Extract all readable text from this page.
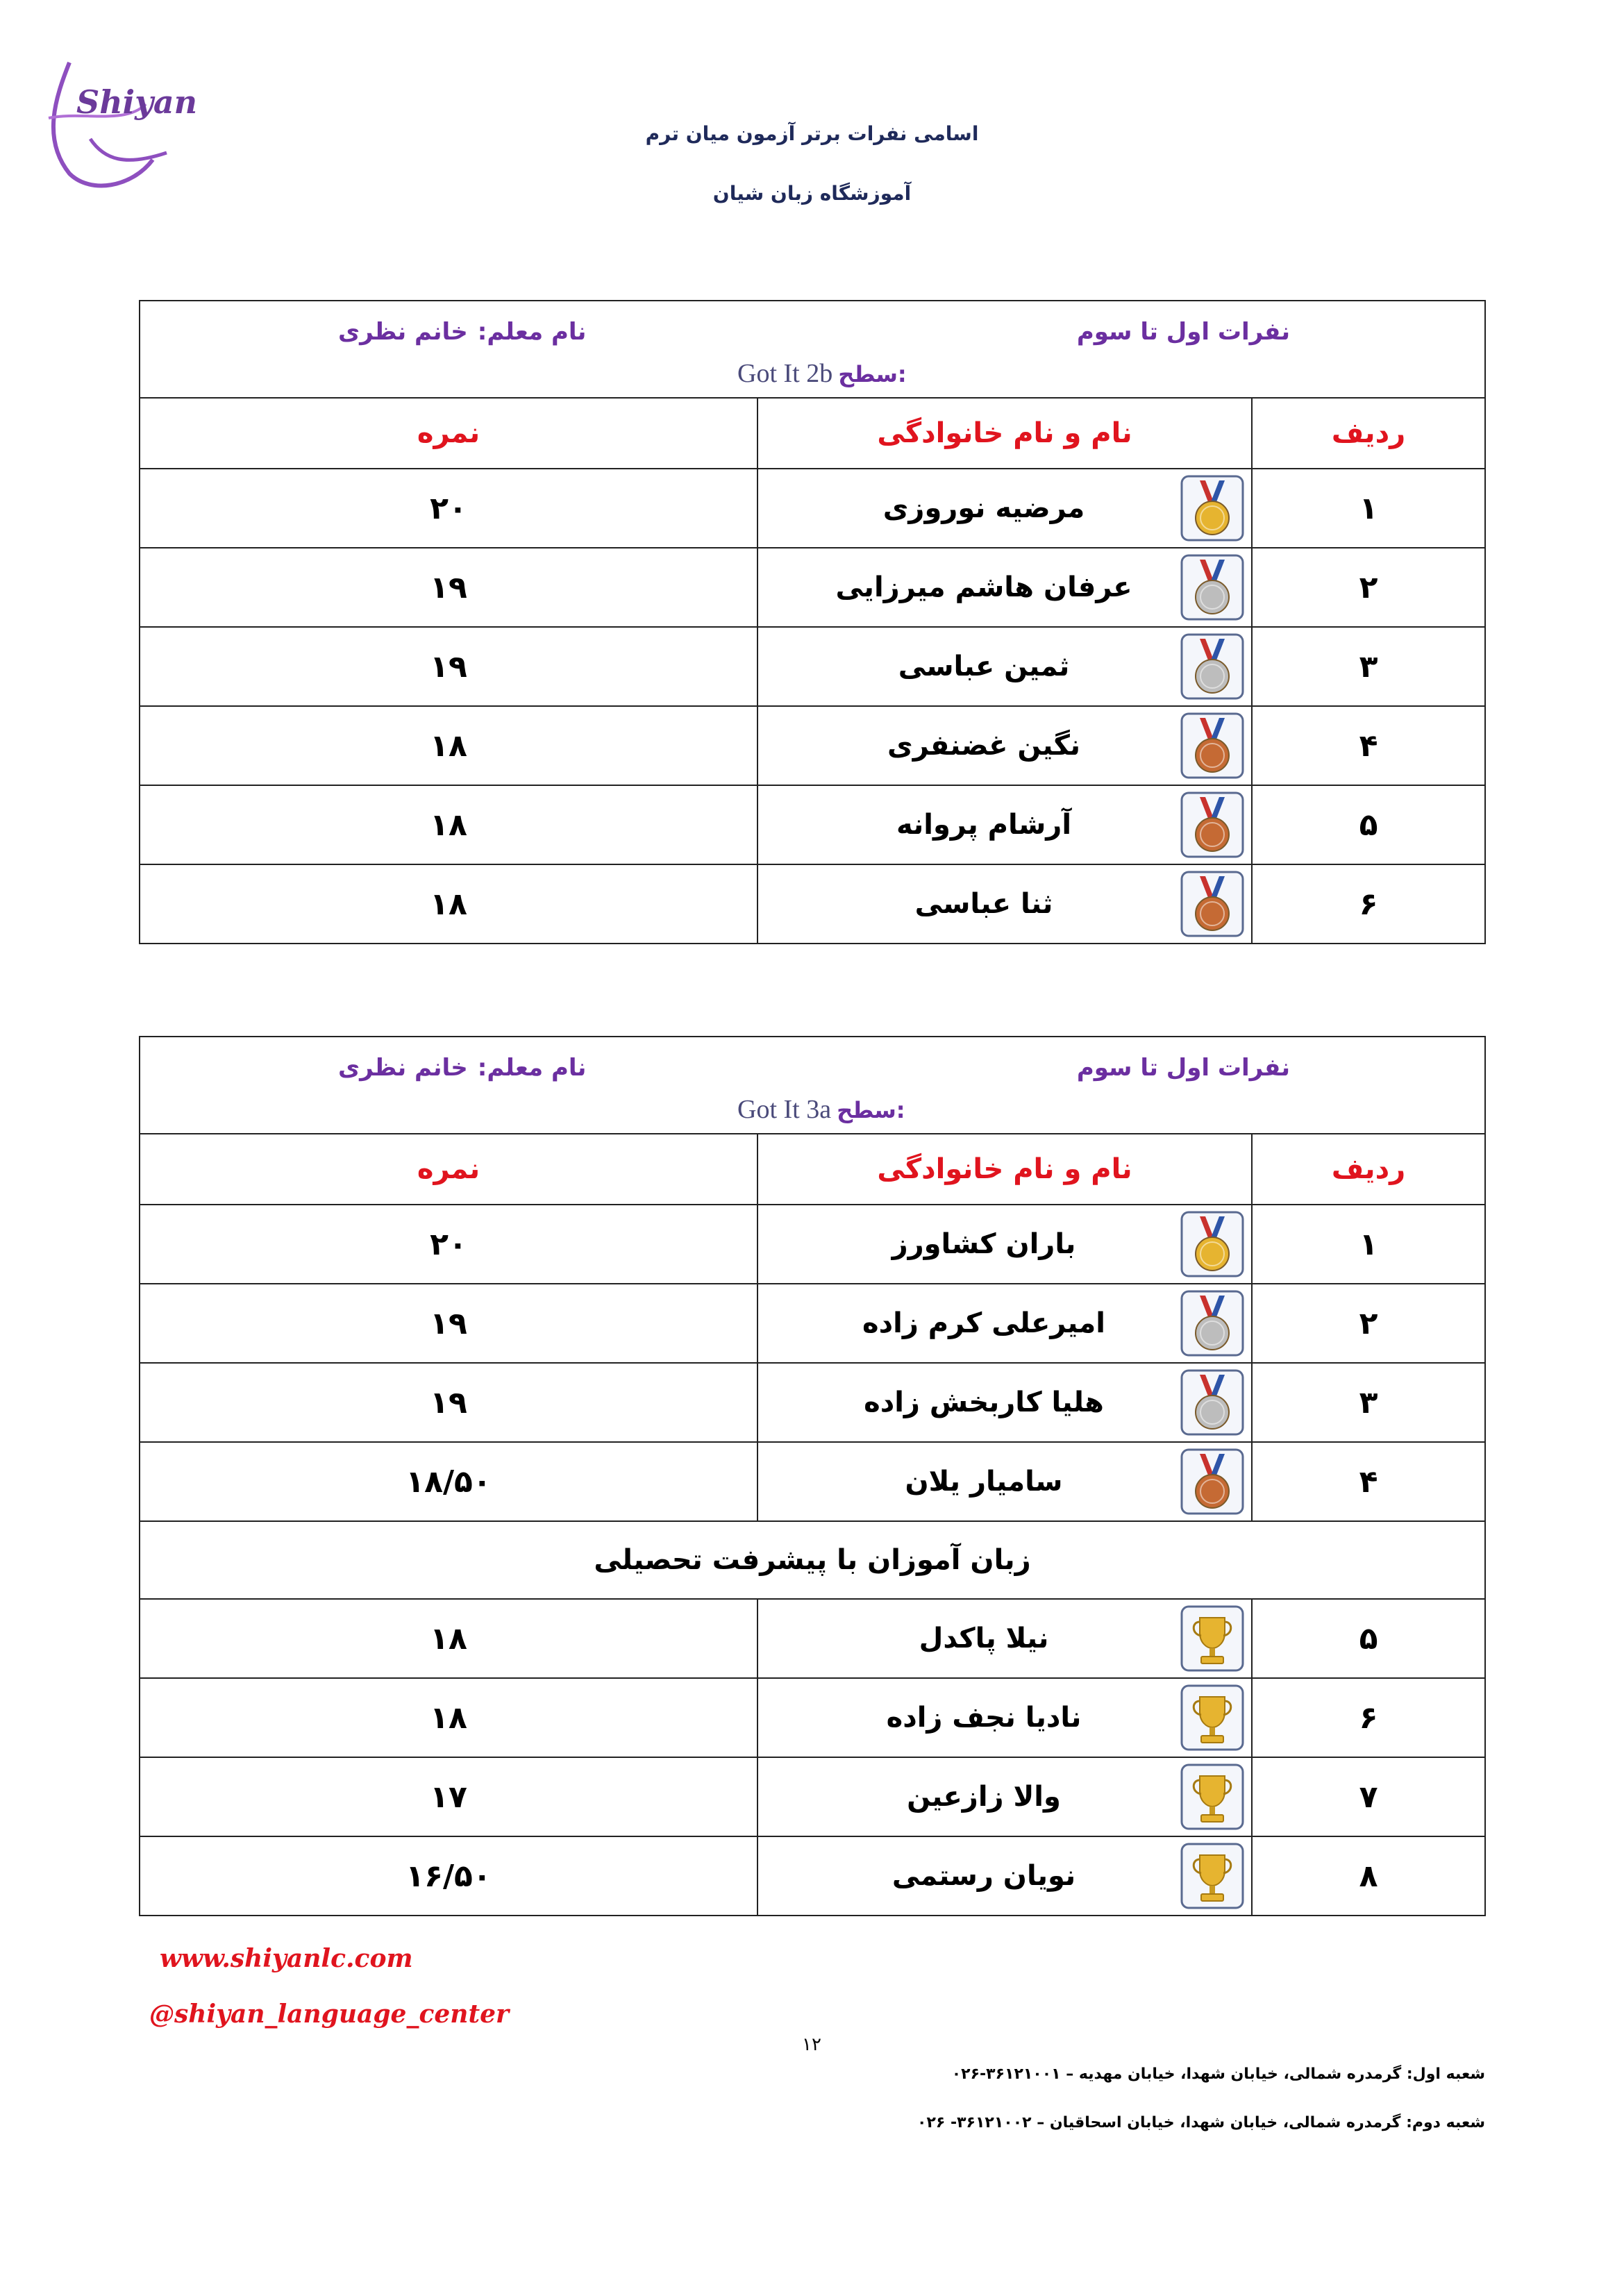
Shiyan
اسامی نفرات برتر آزمون میان ترم
آموزشگاه زبان شیان
نفرات اول تا سوم
نام معلم:
خانم نظری
Got It 2b سطح:		

نمره	نام و نام خانوادگی	ردیف
۲۰	مرضیه نوروزی	۱
۱۹	عرفان هاشم میرزایی	۲
۱۹	ثمین عباسی	۳
۱۸	نگین غضنفری	۴
۱۸	آرشام پروانه	۵
۱۸	ثنا عباسی	۶
نفرات اول تا سوم
نام معلم:
خانم نظری
Got It 3a سطح:		

نمره	نام و نام خانوادگی	ردیف
۲۰	باران کشاورز	۱
۱۹	امیرعلی کرم زاده	۲
۱۹	هلیا کاربخش زاده	۳
۱۸/۵۰	سامیار یلان	۴
زبان آموزان با پیشرفت تحصیلی		
۱۸	نیلا پاکدل	۵
۱۸	نادیا نجف زاده	۶
۱۷	والا زازعین	۷
۱۶/۵۰	نویان رستمی	۸
www.shiyanlc.com
@shiyan_language_center
۱۲
شعبه اول: گرمدره شمالی، خیابان شهدا، خیابان مهدیه – ۳۶۱۲۱۰۰۱-۰۲۶
شعبه دوم: گرمدره شمالی، خیابان شهدا، خیابان اسحاقیان – ۳۶۱۲۱۰۰۲- ۰۲۶
